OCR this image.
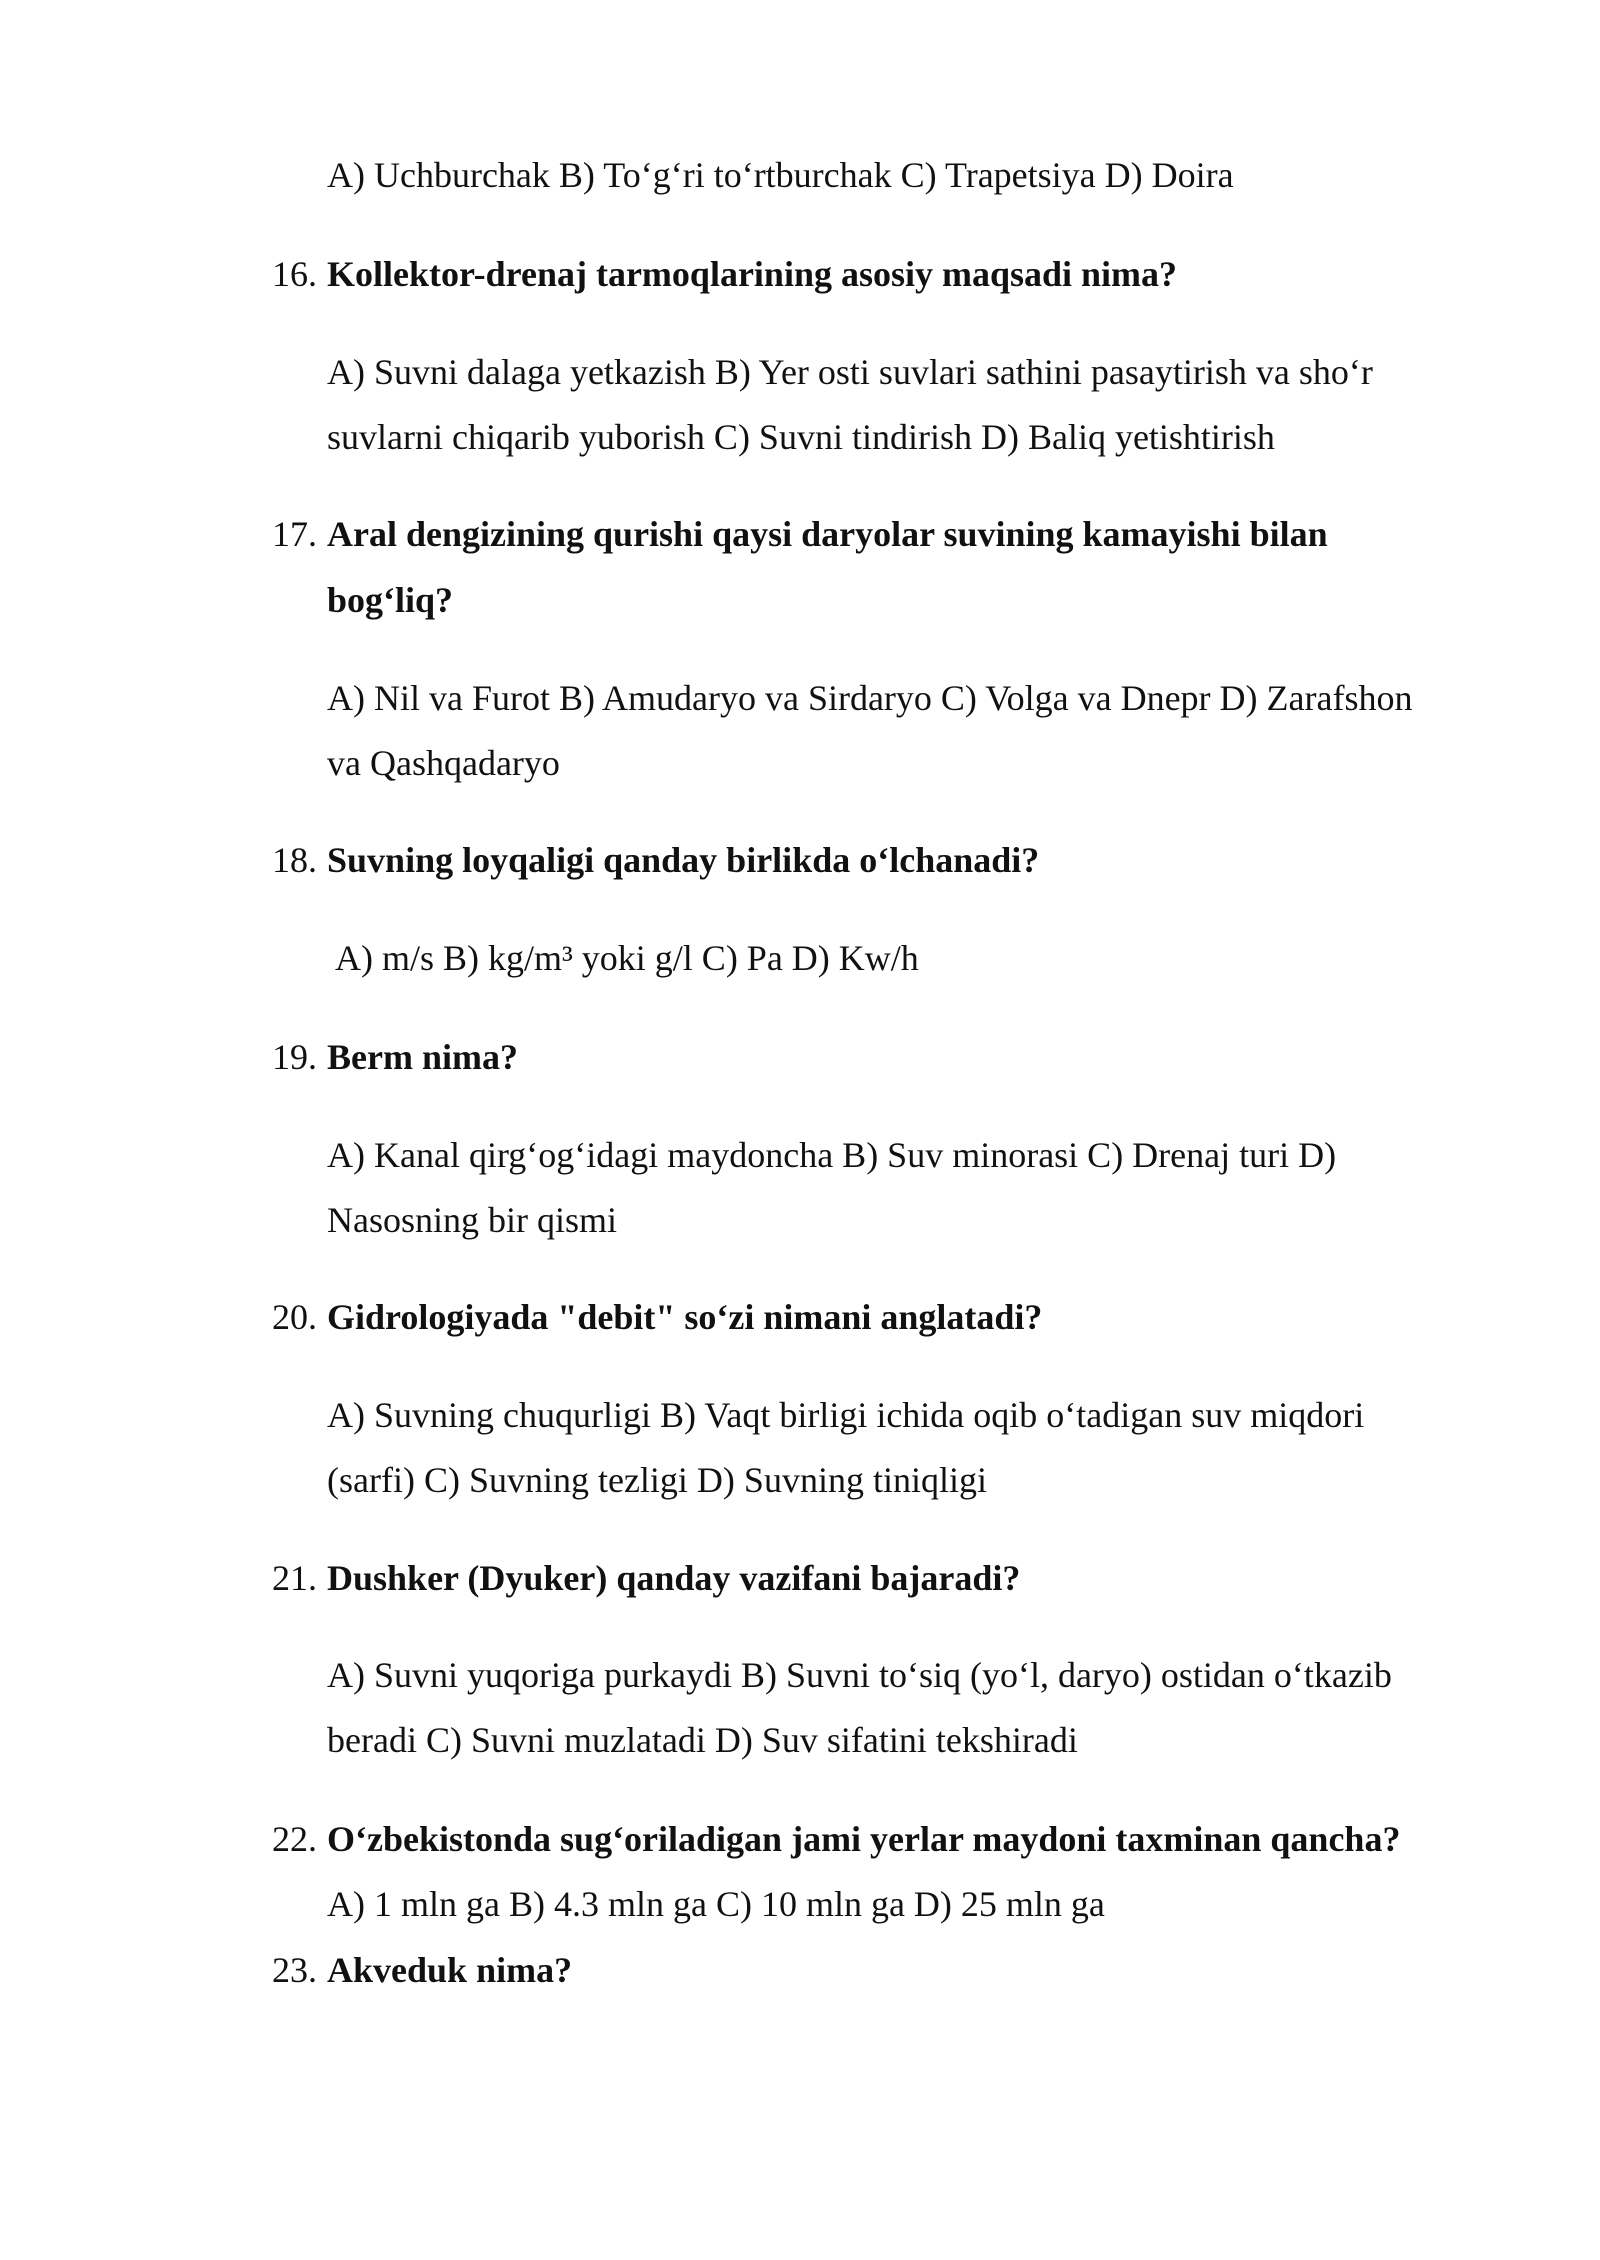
A) Uchburchak B) To‘g‘ri to‘rtburchak C) Trapetsiya D) Doira
16. Kollektor-drenaj tarmoqlarining asosiy maqsadi nima?
A) Suvni dalaga yetkazish B) Yer osti suvlari sathini pasaytirish va sho‘r
suvlarni chiqarib yuborish C) Suvni tindirish D) Baliq yetishtirish
17. Aral dengizining qurishi qaysi daryolar suvining kamayishi bilan
bog‘liq?
A) Nil va Furot B) Amudaryo va Sirdaryo C) Volga va Dnepr D) Zarafshon
va Qashqadaryo
18. Suvning loyqaligi qanday birlikda o‘lchanadi?
A) m/s B) kg/m³ yoki g/l C) Pa D) Kw/h
19. Berm nima?
A) Kanal qirg‘og‘idagi maydoncha B) Suv minorasi C) Drenaj turi D)
Nasosning bir qismi
20. Gidrologiyada "debit" so‘zi nimani anglatadi?
A) Suvning chuqurligi B) Vaqt birligi ichida oqib o‘tadigan suv miqdori
(sarfi) C) Suvning tezligi D) Suvning tiniqligi
21. Dushker (Dyuker) qanday vazifani bajaradi?
A) Suvni yuqoriga purkaydi B) Suvni to‘siq (yo‘l, daryo) ostidan o‘tkazib
beradi C) Suvni muzlatadi D) Suv sifatini tekshiradi
22. O‘zbekistonda sug‘oriladigan jami yerlar maydoni taxminan qancha?
A) 1 mln ga B) 4.3 mln ga C) 10 mln ga D) 25 mln ga
23. Akveduk nima?
